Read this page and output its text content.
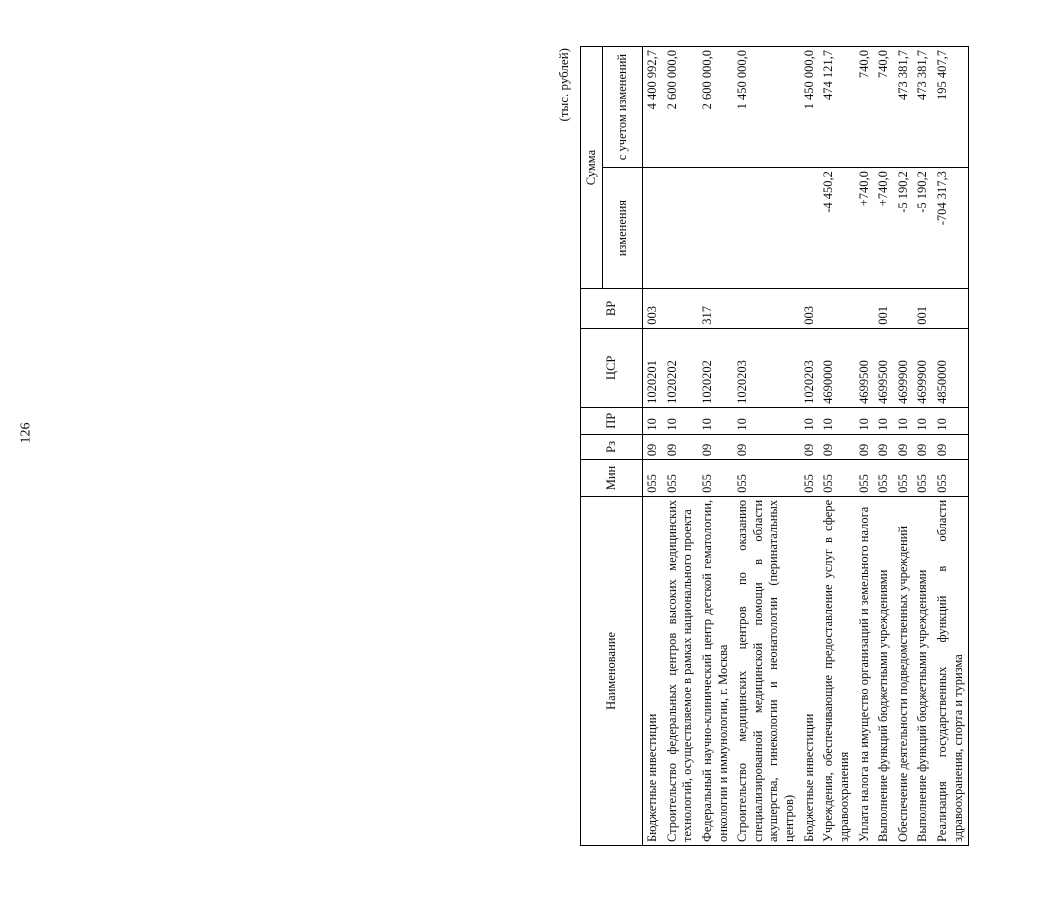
126
(тыс. рублей)
Наименование	Мин	Рз	ПР	ЦСР	ВР	Сумма	
						изменения	с учетом изменений
Бюджетные инвестиции	055	09	10	1020201	003		4 400 992,7
Строительство федеральных центров высоких медицинских технологий, осуществляемое в рамках национального проекта	055	09	10	1020202			2 600 000,0
Федеральный научно-клинический центр детской гематологии, онкологии и иммунологии, г. Москва	055	09	10	1020202	317		2 600 000,0
Строительство медицинских центров по оказанию специализированной медицинской помощи в области акушерства, гинекологии и неонатологии (перинатальных центров)	055	09	10	1020203			1 450 000,0
Бюджетные инвестиции	055	09	10	1020203	003		1 450 000,0
Учреждения, обеспечивающие предоставление услуг в сфере здравоохранения	055	09	10	4690000		-4 450,2	474 121,7
Уплата налога на имущество организаций и земельного налога	055	09	10	4699500		+740,0	740,0
Выполнение функций бюджетными учреждениями	055	09	10	4699500	001	+740,0	740,0
Обеспечение деятельности подведомственных учреждений	055	09	10	4699900		-5 190,2	473 381,7
Выполнение функций бюджетными учреждениями	055	09	10	4699900	001	-5 190,2	473 381,7
Реализация государственных функций в области здравоохранения, спорта и туризма	055	09	10	4850000		-704 317,3	195 407,7
